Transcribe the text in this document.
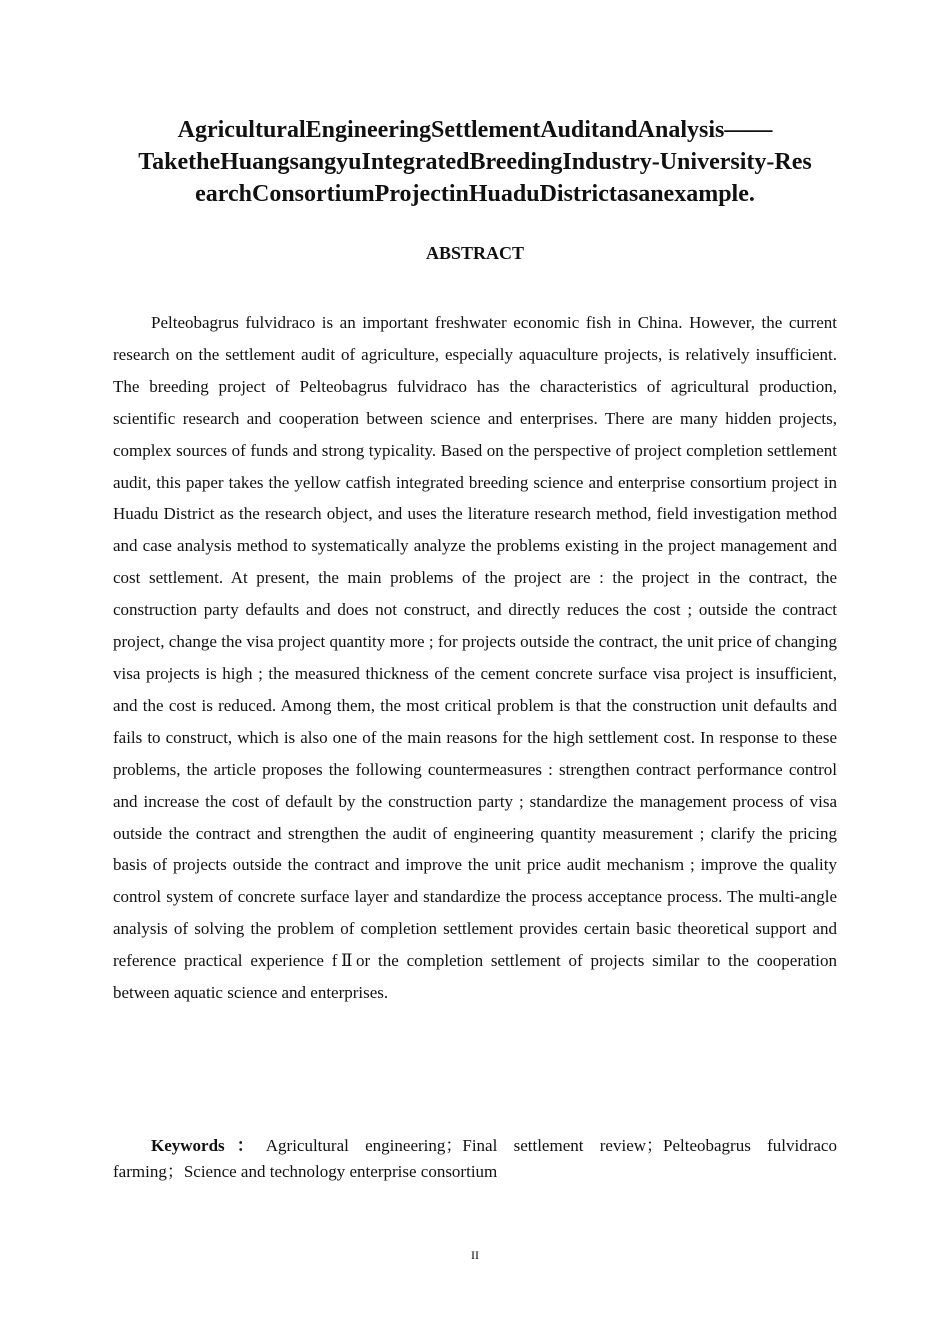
AgriculturalEngineeringSettlementAuditandAnalysis——
TaketheHuangsangyuIntegratedBreedingIndustry-University-Res
earchConsortiumProjectinHuaduDistrictasanexample.
ABSTRACT

Pelteobagrus fulvidraco is an important freshwater economic fish in China. However, the current research on the settlement audit of agriculture, especially aquaculture projects, is relatively insufficient. The breeding project of Pelteobagrus fulvidraco has the characteristics of agricultural production, scientific research and cooperation between science and enterprises. There are many hidden projects, complex sources of funds and strong typicality. Based on the perspective of project completion settlement audit, this paper takes the yellow catfish integrated breeding science and enterprise consortium project in Huadu District as the research object, and uses the literature research method, field investigation method and case analysis method to systematically analyze the problems existing in the project management and cost settlement. At present, the main problems of the project are : the project in the contract, the construction party defaults and does not construct, and directly reduces the cost ; outside the contract project, change the visa project quantity more ; for projects outside the contract, the unit price of changing visa projects is high ; the measured thickness of the cement concrete surface visa project is insufficient, and the cost is reduced. Among them, the most critical problem is that the construction unit defaults and fails to construct, which is also one of the main reasons for the high settlement cost. In response to these problems, the article proposes the following countermeasures : strengthen contract performance control and increase the cost of default by the construction party ; standardize the management process of visa outside the contract and strengthen the audit of engineering quantity measurement ; clarify the pricing basis of projects outside the contract and improve the unit price audit mechanism ; improve the quality control system of concrete surface layer and standardize the process acceptance process. The multi-angle analysis of solving the problem of completion settlement provides certain basic theoretical support and reference practical experience fⅡor the completion settlement of projects similar to the cooperation between aquatic science and enterprises.

Keywords：Agricultural engineering；Final settlement review；Pelteobagrus fulvidraco farming；Science and technology enterprise consortium

II
